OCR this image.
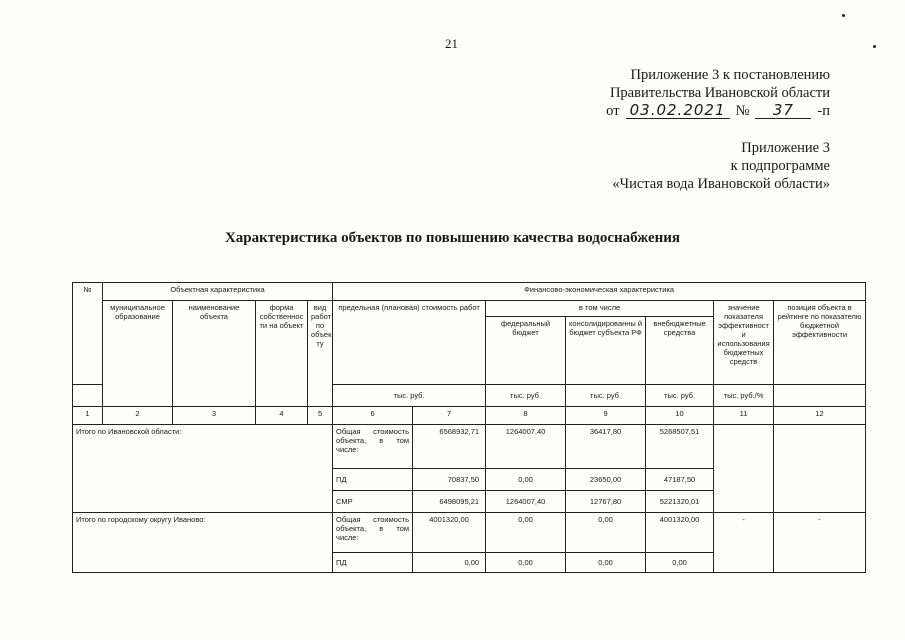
21
Приложение 3 к постановлению
Правительства Ивановской области
от 03.02.2021 №	37	-п
Приложение 3
к подпрограмме
«Чистая вода Ивановской области»
Характеристика объектов по повышению качества водоснабжения
№	Объектная характеристика				Финансово-экономическая характеристика						
	муниципальное образование	наименование объекта	форма собственнос ти на объект	вид работ по объек ту	предельная (плановая) стоимость работ		в том числе			значение показателя эффективност и использования бюджетных средств	позиция объекта в рейтинге по показателю бюджетной эффективности
							федеральный бюджет	консолидированны й бюджет субъекта РФ	внебюджетные средства		
					тыс. руб.		тыс. руб.	тыс. руб.	тыс. руб.	тыс. руб./%	
1	2	3	4	5	6	7	8	9	10	11	12
Итого по Ивановской области:					Общая стоимость объекта, в том числе:	6568932,71	1264007,40	36417,80	5268507,51		
					ПД	70837,50	0,00	23650,00	47187,50		
					СМР	6498095,21	1264007,40	12767,80	5221320,01		
Итого по городскому округу Иваново:					Общая стоимость объекта, в том числе:	4001320,00	0,00	0,00	4001320,00	-	-
					ПД	0,00	0,00	0,00	0,00		
